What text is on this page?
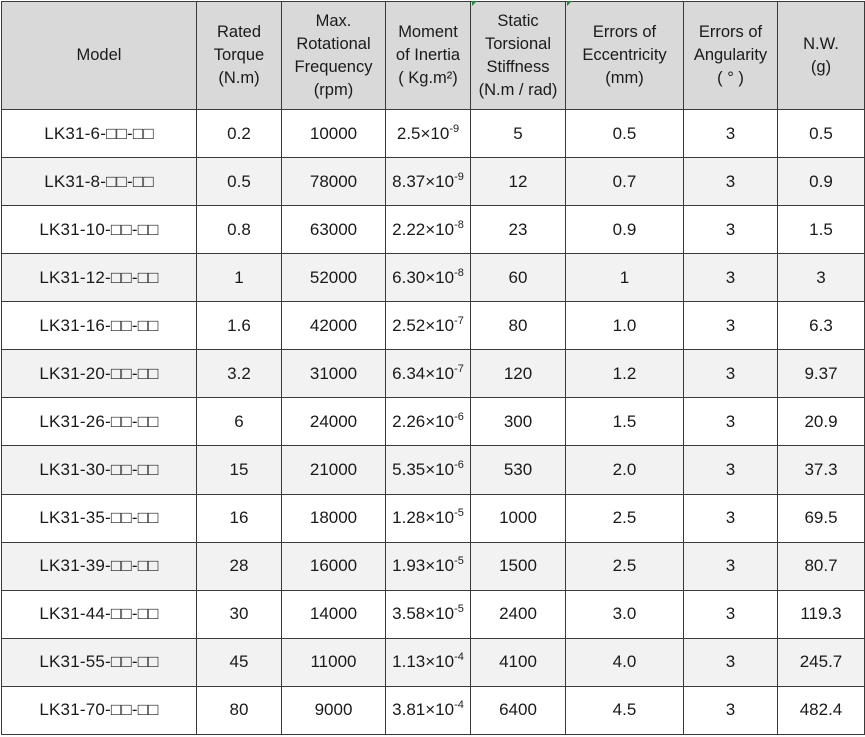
Model	Rated
Torque
(N.m)	Max.
Rotational
Frequency
(rpm)	Moment
of Inertia
( Kg.m²)	Static
Torsional
Stiffness
(N.m / rad)	Errors of
Eccentricity
(mm)	Errors of
Angularity
( ° )	N.W.
(g)

LK31-6-□□-□□	0.2	10000	$2.5\times 10^{-9}$	5	0.5	3	0.5
LK31-8-□□-□□	0.5	78000	$8.37\times 10^{-9}$	12	0.7	3	0.9
LK31-10-□□-□□	0.8	63000	$2.22\times 10^{-8}$	23	0.9	3	1.5
LK31-12-□□-□□	1	52000	$6.30\times 10^{-8}$	60	1	3	3
LK31-16-□□-□□	1.6	42000	$2.52\times 10^{-7}$	80	1.0	3	6.3
LK31-20-□□-□□	3.2	31000	$6.34\times 10^{-7}$	120	1.2	3	9.37
LK31-26-□□-□□	6	24000	$2.26\times 10^{-6}$	300	1.5	3	20.9
LK31-30-□□-□□	15	21000	$5.35\times 10^{-6}$	530	2.0	3	37.3
LK31-35-□□-□□	16	18000	$1.28\times 10^{-5}$	1000	2.5	3	69.5
LK31-39-□□-□□	28	16000	$1.93\times 10^{-5}$	1500	2.5	3	80.7
LK31-44-□□-□□	30	14000	$3.58\times 10^{-5}$	2400	3.0	3	119.3
LK31-55-□□-□□	45	11000	$1.13\times 10^{-4}$	4100	4.0	3	245.7
LK31-70-□□-□□	80	9000	$3.81\times 10^{-4}$	6400	4.5	3	482.4
